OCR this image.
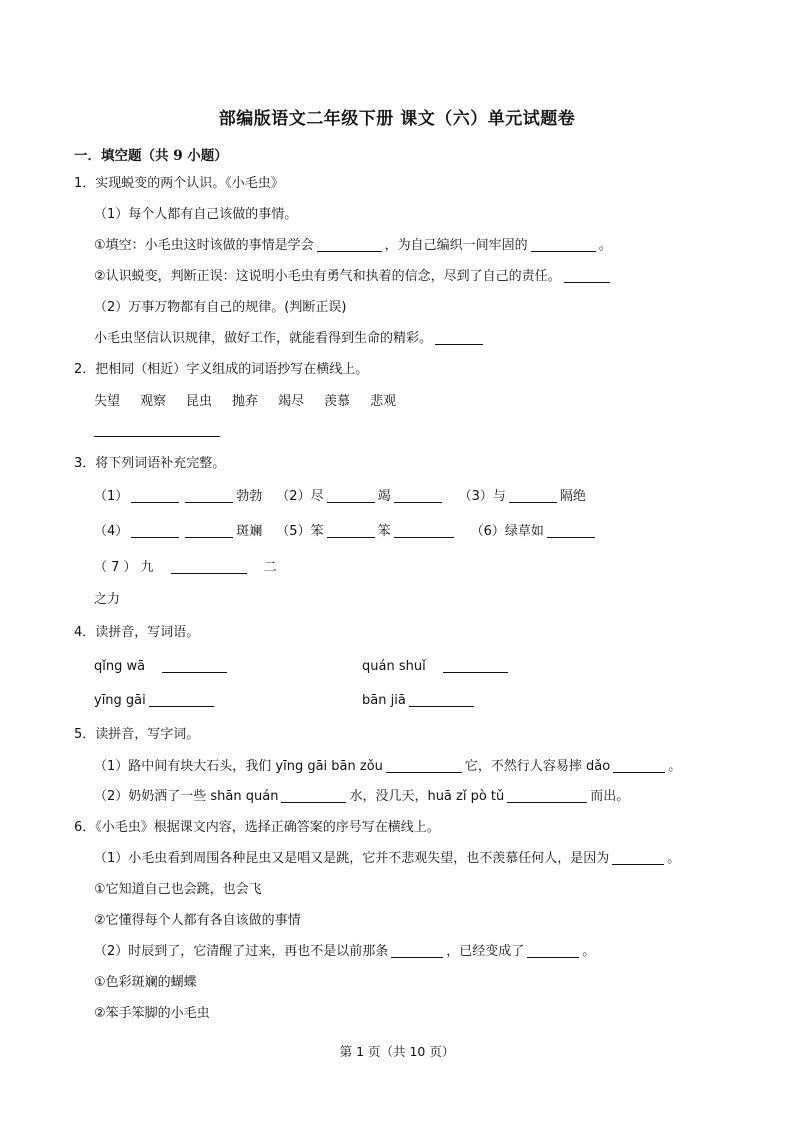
部编版语文二年级下册 课文（六）单元试题卷
一．填空题（共 9 小题）
1．实现蜕变的两个认识。《小毛虫》
（1）每个人都有自己该做的事情。
①填空：小毛虫这时该做的事情是学会	，为自己编织一间牢固的	。
②认识蜕变，判断正误：这说明小毛虫有勇气和执着的信念，尽到了自己的责任。
（2）万事万物都有自己的规律。(判断正误)
小毛虫坚信认识规律，做好工作，就能看得到生命的精彩。
2．把相同（相近）字义组成的词语抄写在横线上。
失望 观察 昆虫 抛弃 竭尽 羡慕 悲观
3．将下列词语补充完整。
（1）	勃勃 （2）尽	竭	（3）与	隔绝
（4）	斑斓 （5）笨	笨	（6）绿草如
（ 7 ） 九	二
之力
4．读拼音，写词语。
qǐng wā	quán shuǐ
yīng gāi	bān jiā
5．读拼音，写字词。
（1）路中间有块大石头，我们 yīng gāi bān zǒu	它，不然行人容易摔 dǎo	。
（2）奶奶洒了一些 shān quán	水，没几天，huā zǐ pò tǔ	而出。
6．《小毛虫》根据课文内容，选择正确答案的序号写在横线上。
（1）小毛虫看到周围各种昆虫又是唱又是跳，它并不悲观失望，也不羡慕任何人，是因为	。
①它知道自己也会跳，也会飞
②它懂得每个人都有各自该做的事情
（2）时辰到了，它清醒了过来，再也不是以前那条	，已经变成了	。
①色彩斑斓的蝴蝶
②笨手笨脚的小毛虫
第 1 页（共 10 页）
